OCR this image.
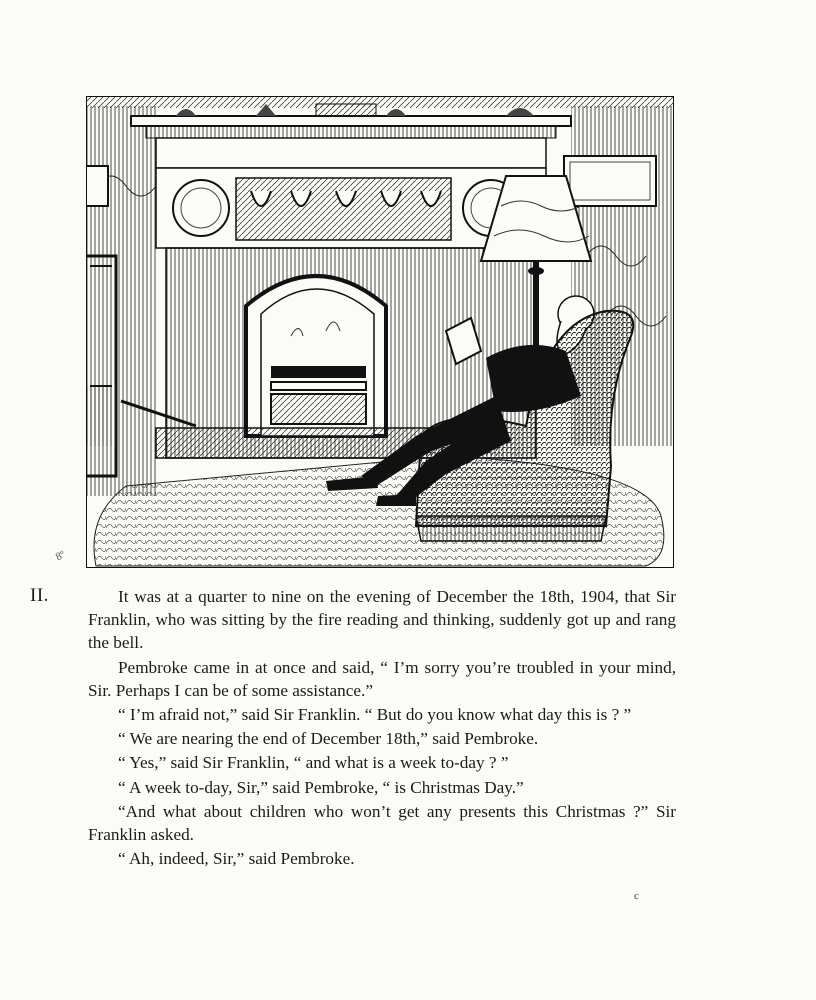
8º
II.	It was at a quarter to nine on the evening of December the 18th, 1904, that Sir Franklin, who was sitting by the fire reading and thinking, suddenly got up and rang the bell.

Pembroke came in at once and said, “ I’m sorry you’re troubled in your mind, Sir. Perhaps I can be of some assistance.”

“ I’m afraid not,” said Sir Franklin. “ But do you know what day this is ? ”

“ We are nearing the end of December 18th,” said Pembroke.

“ Yes,” said Sir Franklin, “ and what is a week to-day ? ”

“ A week to-day, Sir,” said Pembroke, “ is Christmas Day.”

“And what about children who won’t get any presents this Christmas ?” Sir Franklin asked.

“ Ah, indeed, Sir,” said Pembroke.

c
